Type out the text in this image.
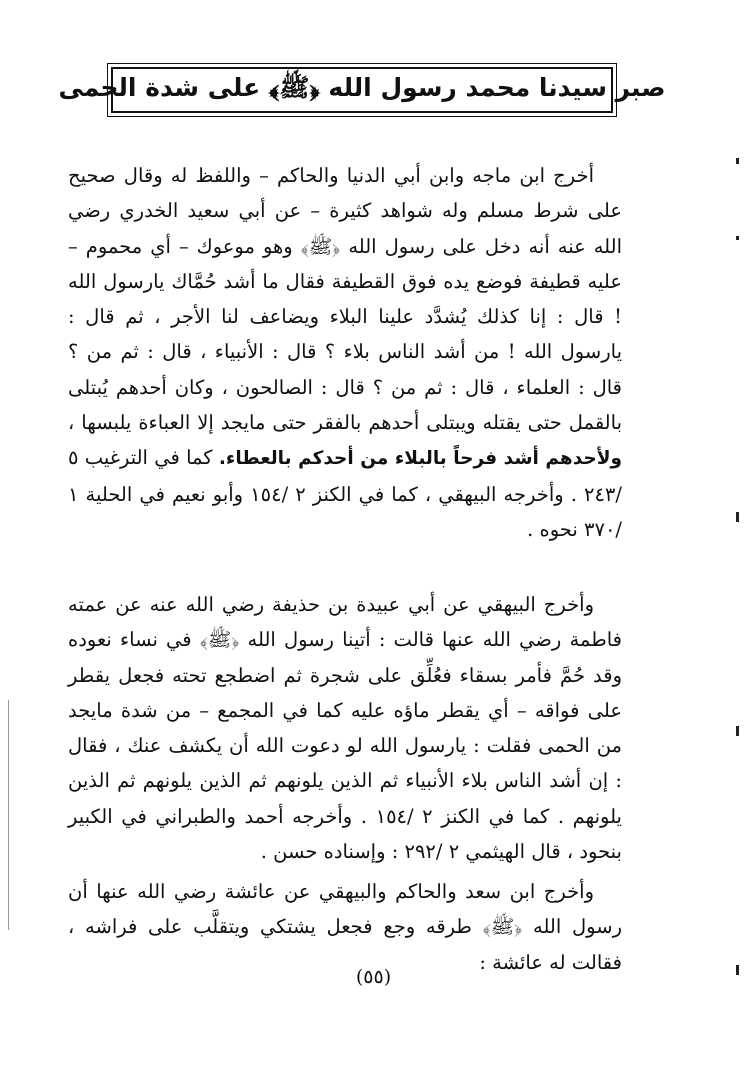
صبر سيدنا محمد رسول الله ﴿ﷺ﴾ على شدة الحمى

أخرج ابن ماجه وابن أبي الدنيا والحاكم – واللفظ له وقال صحيح على شرط مسلم وله شواهد كثيرة – عن أبي سعيد الخدري رضي الله عنه أنه دخل على رسول الله ﴿ﷺ﴾ وهو موعوك – أي محموم – عليه قطيفة فوضع يده فوق القطيفة فقال ما أشد حُمَّاك يارسول الله ! قال : إنا كذلك يُشدَّد علينا البلاء ويضاعف لنا الأجر ، ثم قال : يارسول الله ! من أشد الناس بلاء ؟ قال : الأنبياء ، قال : ثم من ؟ قال : العلماء ، قال : ثم من ؟ قال : الصالحون ، وكان أحدهم يُبتلى بالقمل حتى يقتله ويبتلى أحدهم بالفقر حتى مايجد إلا العباءة يلبسها ، ولأحدهم أشد فرحاً بالبلاء من أحدكم بالعطاء. كما في الترغيب ٥ /٢٤٣ . وأخرجه البيهقي ، كما في الكنز ٢ /١٥٤ وأبو نعيم في الحلية ١ /٣٧٠ نحوه .

وأخرج البيهقي عن أبي عبيدة بن حذيفة رضي الله عنه عن عمته فاطمة رضي الله عنها قالت : أتينا رسول الله ﴿ﷺ﴾ في نساء نعوده وقد حُمَّ فأمر بسقاء فعُلِّق على شجرة ثم اضطجع تحته فجعل يقطر على فواقه – أي يقطر ماؤه عليه كما في المجمع – من شدة مايجد من الحمى فقلت : يارسول الله لو دعوت الله أن يكشف عنك ، فقال : إن أشد الناس بلاء الأنبياء ثم الذين يلونهم ثم الذين يلونهم ثم الذين يلونهم . كما في الكنز ٢ /١٥٤ . وأخرجه أحمد والطبراني في الكبير بنحود ، قال الهيثمي ٢ /٢٩٢ : وإسناده حسن .

وأخرج ابن سعد والحاكم والبيهقي عن عائشة رضي الله عنها أن رسول الله ﴿ﷺ﴾ طرقه وجع فجعل يشتكي ويتقلَّب على فراشه ، فقالت له عائشة :

(٥٥)
